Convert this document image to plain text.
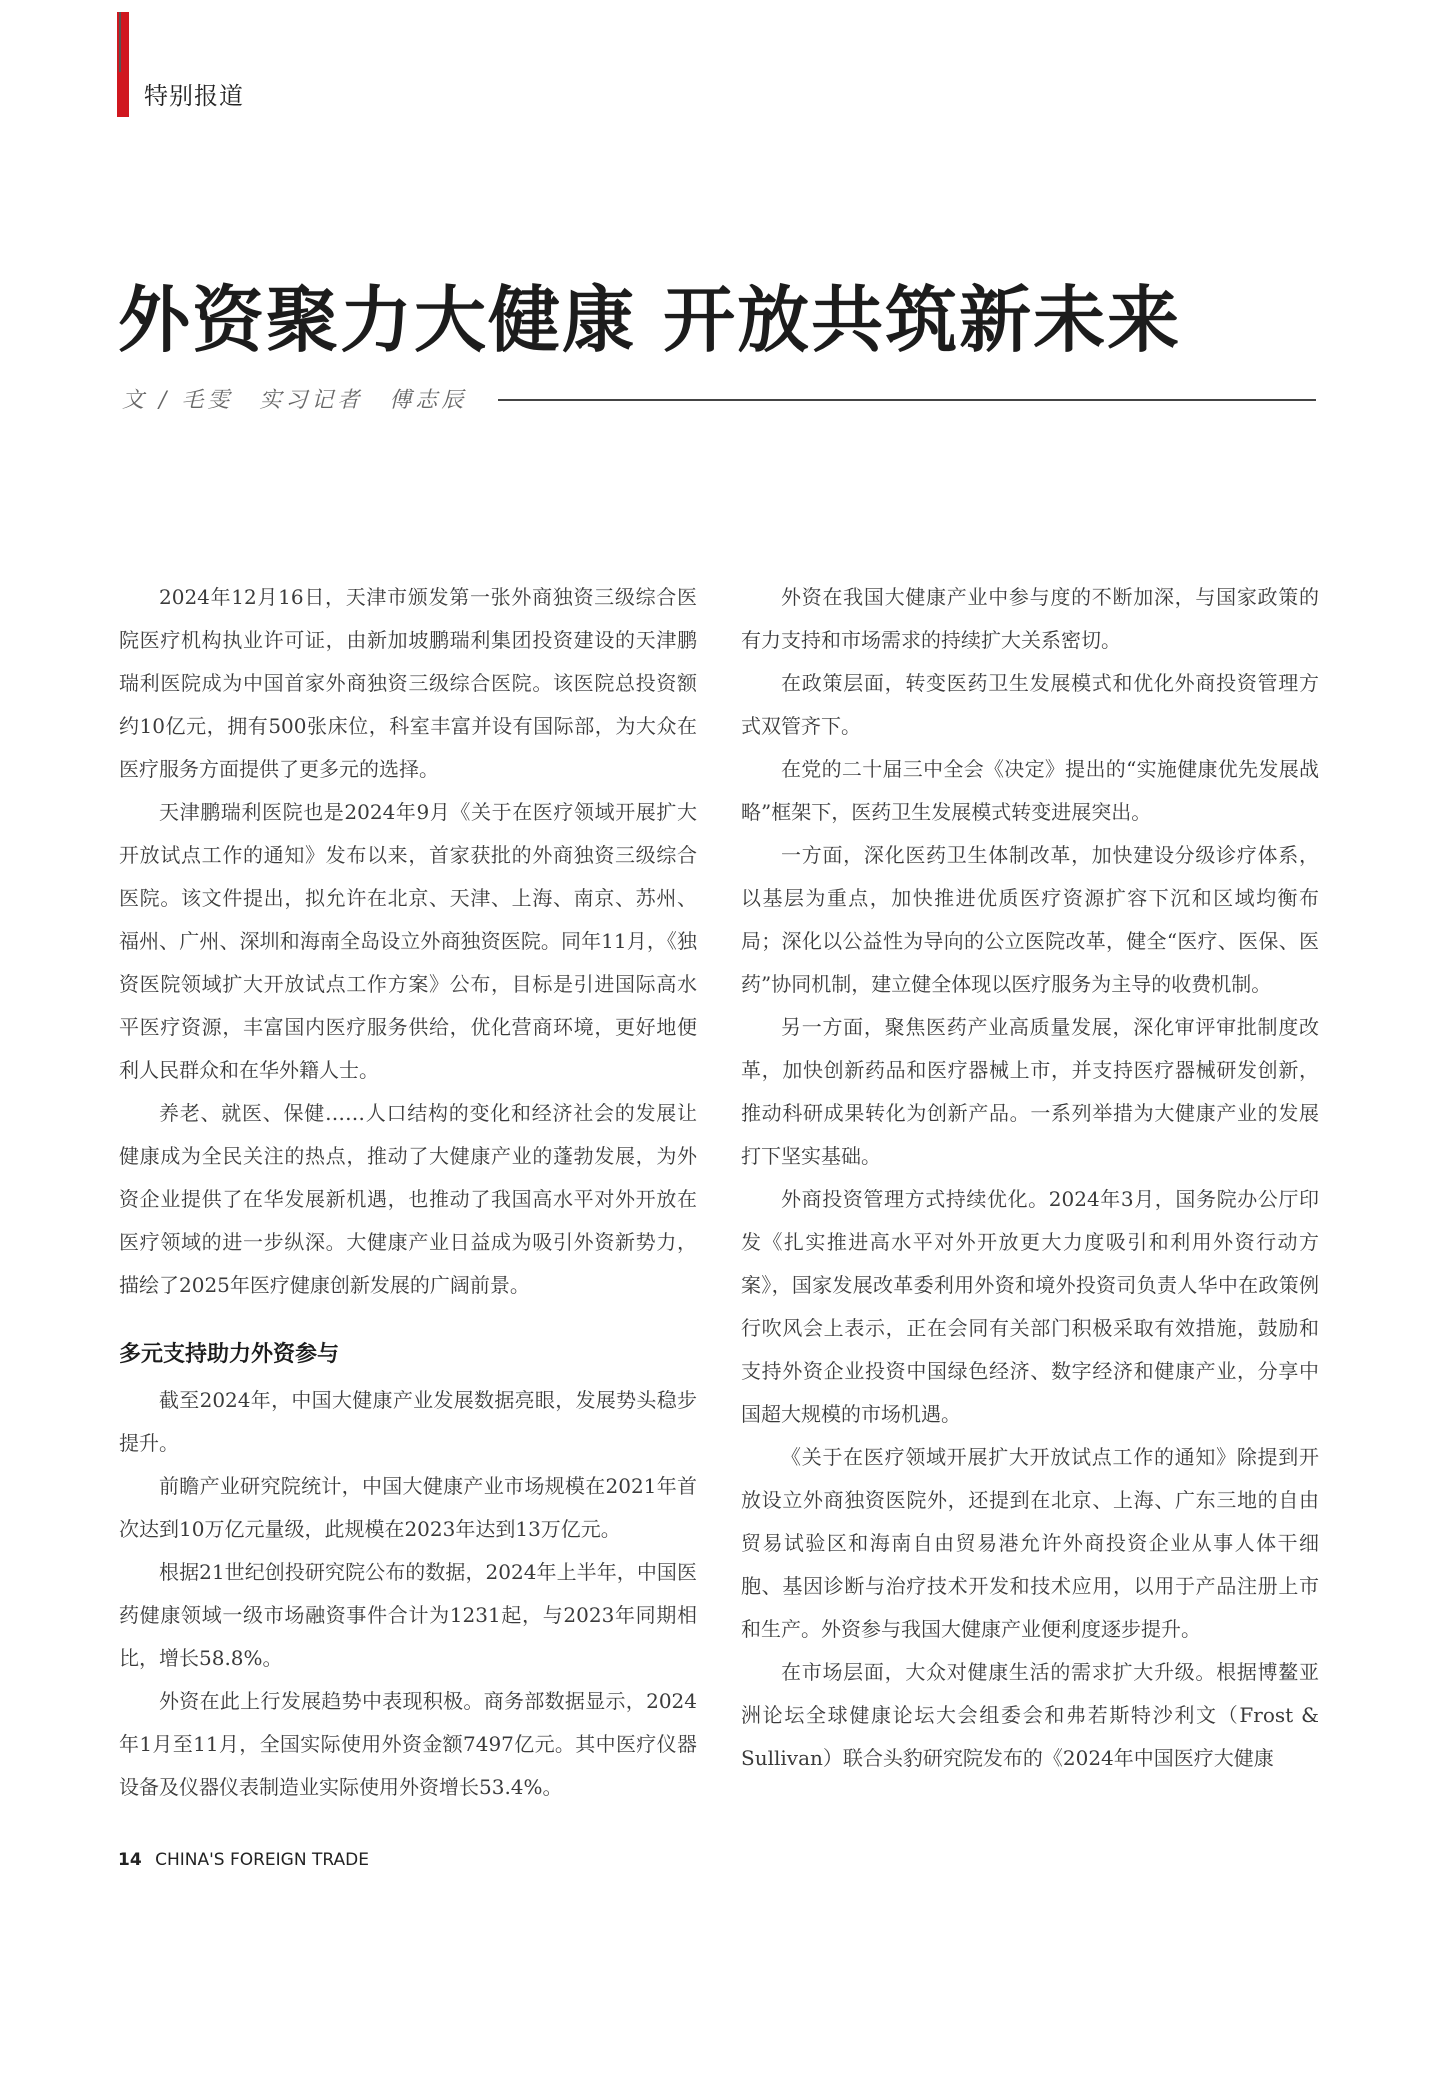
特别报道
外资聚力大健康 开放共筑新未来
文 / 毛雯　实习记者　傅志辰

2024年12月16日，天津市颁发第一张外商独资三级综合医院医疗机构执业许可证，由新加坡鹏瑞利集团投资建设的天津鹏瑞利医院成为中国首家外商独资三级综合医院。该医院总投资额约10亿元，拥有500张床位，科室丰富并设有国际部，为大众在医疗服务方面提供了更多元的选择。

天津鹏瑞利医院也是2024年9月《关于在医疗领域开展扩大开放试点工作的通知》发布以来，首家获批的外商独资三级综合医院。该文件提出，拟允许在北京、天津、上海、南京、苏州、福州、广州、深圳和海南全岛设立外商独资医院。同年11月，《独资医院领域扩大开放试点工作方案》公布，目标是引进国际高水平医疗资源，丰富国内医疗服务供给，优化营商环境，更好地便利人民群众和在华外籍人士。

养老、就医、保健……人口结构的变化和经济社会的发展让健康成为全民关注的热点，推动了大健康产业的蓬勃发展，为外资企业提供了在华发展新机遇，也推动了我国高水平对外开放在医疗领域的进一步纵深。大健康产业日益成为吸引外资新势力，描绘了2025年医疗健康创新发展的广阔前景。

多元支持助力外资参与

截至2024年，中国大健康产业发展数据亮眼，发展势头稳步提升。

前瞻产业研究院统计，中国大健康产业市场规模在2021年首次达到10万亿元量级，此规模在2023年达到13万亿元。

根据21世纪创投研究院公布的数据，2024年上半年，中国医药健康领域一级市场融资事件合计为1231起，与2023年同期相比，增长58.8%。

外资在此上行发展趋势中表现积极。商务部数据显示，2024年1月至11月，全国实际使用外资金额7497亿元。其中医疗仪器设备及仪器仪表制造业实际使用外资增长53.4%。

外资在我国大健康产业中参与度的不断加深，与国家政策的有力支持和市场需求的持续扩大关系密切。

在政策层面，转变医药卫生发展模式和优化外商投资管理方式双管齐下。

在党的二十届三中全会《决定》提出的“实施健康优先发展战略”框架下，医药卫生发展模式转变进展突出。

一方面，深化医药卫生体制改革，加快建设分级诊疗体系，以基层为重点，加快推进优质医疗资源扩容下沉和区域均衡布局；深化以公益性为导向的公立医院改革，健全“医疗、医保、医药”协同机制，建立健全体现以医疗服务为主导的收费机制。

另一方面，聚焦医药产业高质量发展，深化审评审批制度改革，加快创新药品和医疗器械上市，并支持医疗器械研发创新，推动科研成果转化为创新产品。一系列举措为大健康产业的发展打下坚实基础。

外商投资管理方式持续优化。2024年3月，国务院办公厅印发《扎实推进高水平对外开放更大力度吸引和利用外资行动方案》，国家发展改革委利用外资和境外投资司负责人华中在政策例行吹风会上表示，正在会同有关部门积极采取有效措施，鼓励和支持外资企业投资中国绿色经济、数字经济和健康产业，分享中国超大规模的市场机遇。

《关于在医疗领域开展扩大开放试点工作的通知》除提到开放设立外商独资医院外，还提到在北京、上海、广东三地的自由贸易试验区和海南自由贸易港允许外商投资企业从事人体干细胞、基因诊断与治疗技术开发和技术应用，以用于产品注册上市和生产。外资参与我国大健康产业便利度逐步提升。

在市场层面，大众对健康生活的需求扩大升级。根据博鳌亚洲论坛全球健康论坛大会组委会和弗若斯特沙利文（Frost & Sullivan）联合头豹研究院发布的《2024年中国医疗大健康

14 CHINA'S FOREIGN TRADE
